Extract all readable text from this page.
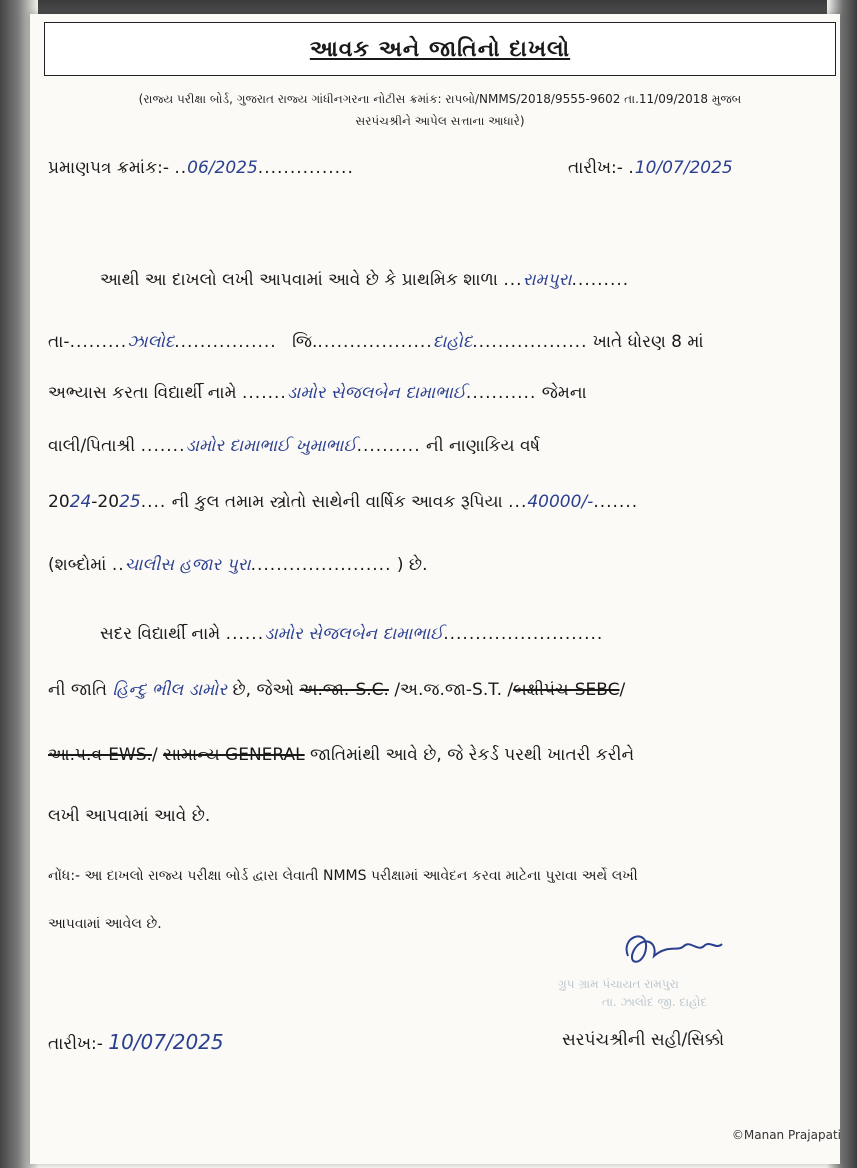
આવક અને જાતિનો દાખલો
(રાજ્ય પરીક્ષા બોર્ડ, ગુજરાત રાજ્ય ગાંધીનગરના નોટીસ ક્રમાંક: રાપબો/NMMS/2018/9555-9602 તા.11/09/2018 મુજબ
સરપંચશ્રીને આપેલ સત્તાના આધારે)
પ્રમાણપત્ર ક્રમાંક:- ..06/2025...............	તારીખ:- .10/07/2025
આથી આ દાખલો લખી આપવામાં આવે છે કે પ્રાથમિક શાળા ...રામપુરા.........
તા-.........ઝાલોદ................ જિ...................દાહોદ.................. ખાતે ધોરણ 8 માં
અભ્યાસ કરતા વિદ્યાર્થી નામે .......ડામોર સેજલબેન દામાભાઈ........... જેમના
વાલી/પિતાશ્રી .......ડામોર દામાભાઈ ખુમાભાઈ.......... ની નાણાકિય વર્ષ
2024-2025.... ની કુલ તમામ સ્ત્રોતો સાથેની વાર્ષિક આવક રૂપિયા ...40000/-.......
(શબ્દોમાં ..ચાલીસ હજાર પુરા...................... ) છે.
સદર વિદ્યાર્થી નામે ......ડામોર સેજલબેન દામાભાઈ.........................
ની જાતિ હિન્દુ ભીલ ડામોર છે, જેઓ અ.જા.-S.C. /અ.જ.જા-S.T. /બક્ષીપંચ-SEBC/
આ.પ.વ-EWS./ સામાન્ય GENERAL જાતિમાંથી આવે છે, જે રેકર્ડ પરથી ખાતરી કરીને
લખી આપવામાં આવે છે.
નોંધ:- આ દાખલો રાજ્ય પરીક્ષા બોર્ડ દ્વારા લેવાતી NMMS પરીક્ષામાં આવેદન કરવા માટેના પુરાવા અર્થે લખી
આપવામાં આવેલ છે.
ગ્રુપ ગ્રામ પંચાયત રામપુરા
તા. ઝાલોદ જી. દાહોદ
તારીખ:- 10/07/2025	સરપંચશ્રીની સહી/સિક્કો
©Manan Prajapati
